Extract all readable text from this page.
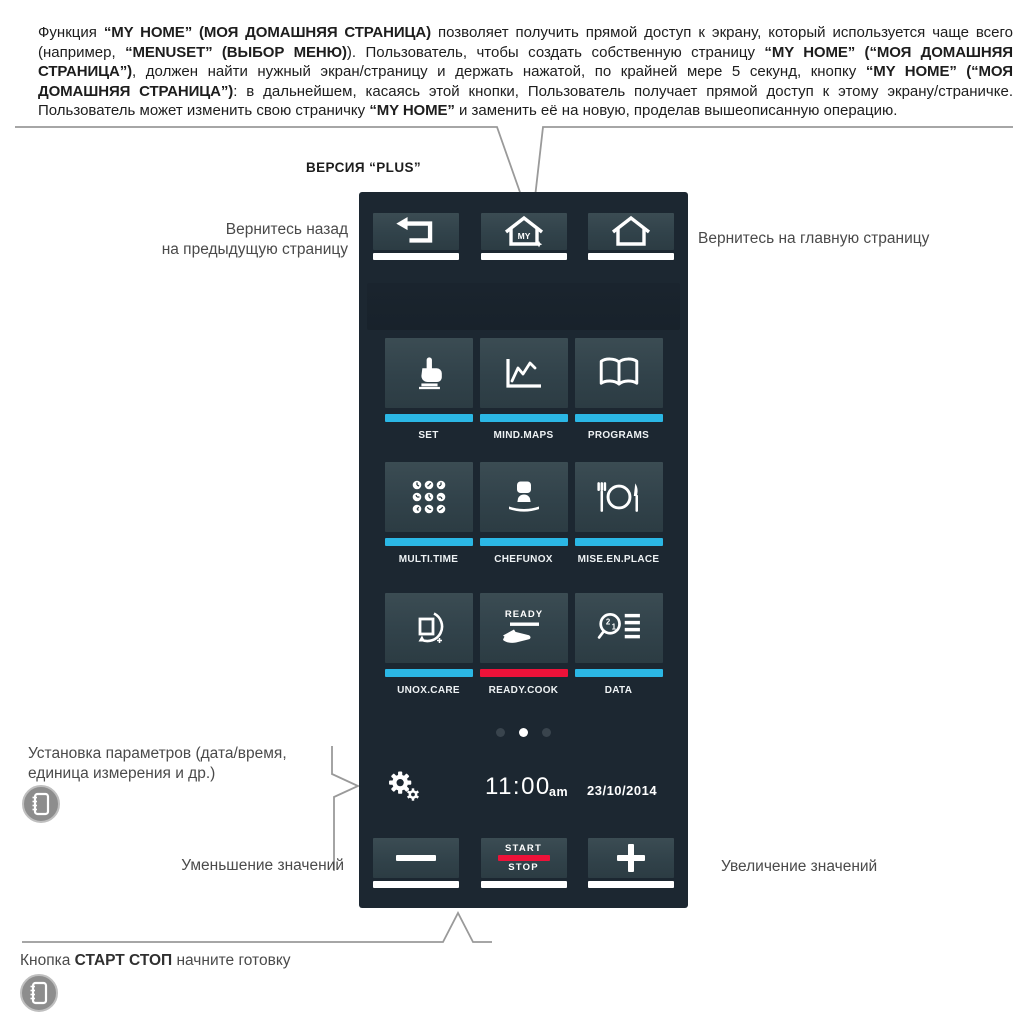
Функция “MY HOME” (МОЯ ДОМАШНЯЯ СТРАНИЦА) позволяет получить прямой доступ к экрану, который используется чаще всего (например, “MENUSET” (ВЫБОР МЕНЮ)). Пользователь, чтобы создать собственную страницу “MY HOME” (“МОЯ ДОМАШНЯЯ СТРАНИЦА”), должен найти нужный экран/страницу и держать нажатой, по крайней мере 5 секунд, кнопку “MY HOME” (“МОЯ ДОМАШНЯЯ СТРАНИЦА”): в дальнейшем, касаясь этой кнопки, Пользователь получает прямой доступ к этому экрану/страничке. Пользователь может изменить свою страничку “MY HOME” и заменить её на новую, проделав вышеописанную операцию.

ВЕРСИЯ “PLUS”
Вернитесь назад
на предыдущую страницу
Вернитесь на главную страницу
Установка параметров (дата/время,
единица измерения и др.)
Уменьшение значений	Увеличение значений
Кнопка СТАРТ СТОП начните готовку
MY
SET	MIND.MAPS	PROGRAMS
MULTI.TIME	CHEFUNOX MISE.EN.PLACE
UNOX.CARE
READY
READY.COOK
2
1
DATA
11:00
am 23/10/2014
START
STOP
